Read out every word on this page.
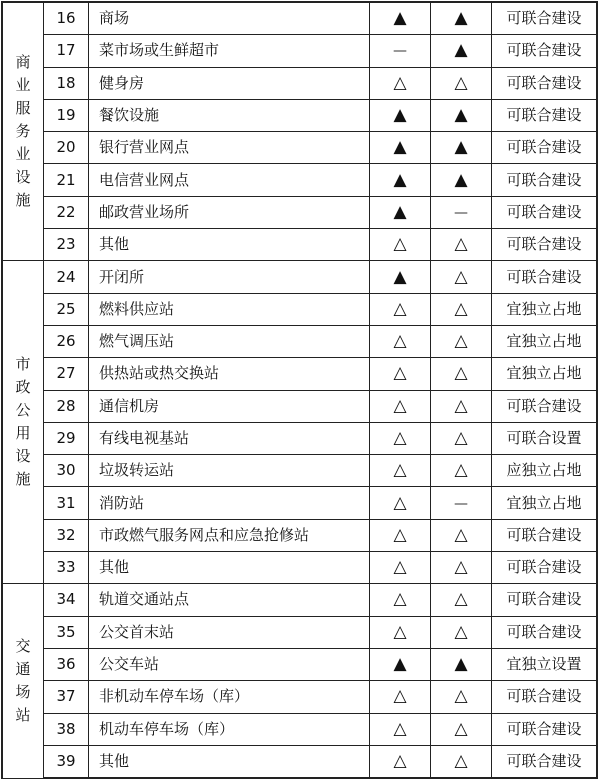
商业服务业设施	16	商场	▲	▲	可联合建设
	17	菜市场或生鲜超市	—	▲	可联合建设
	18	健身房	△	△	可联合建设
	19	餐饮设施	▲	▲	可联合建设
	20	银行营业网点	▲	▲	可联合建设
	21	电信营业网点	▲	▲	可联合建设
	22	邮政营业场所	▲	—	可联合建设
	23	其他	△	△	可联合建设
市政公用设施	24	开闭所	▲	△	可联合建设
	25	燃料供应站	△	△	宜独立占地
	26	燃气调压站	△	△	宜独立占地
	27	供热站或热交换站	△	△	宜独立占地
	28	通信机房	△	△	可联合建设
	29	有线电视基站	△	△	可联合设置
	30	垃圾转运站	△	△	应独立占地
	31	消防站	△	—	宜独立占地
	32	市政燃气服务网点和应急抢修站	△	△	可联合建设
	33	其他	△	△	可联合建设
交通场站	34	轨道交通站点	△	△	可联合建设
	35	公交首末站	△	△	可联合建设
	36	公交车站	▲	▲	宜独立设置
	37	非机动车停车场（库）	△	△	可联合建设
	38	机动车停车场（库）	△	△	可联合建设
	39	其他	△	△	可联合建设
